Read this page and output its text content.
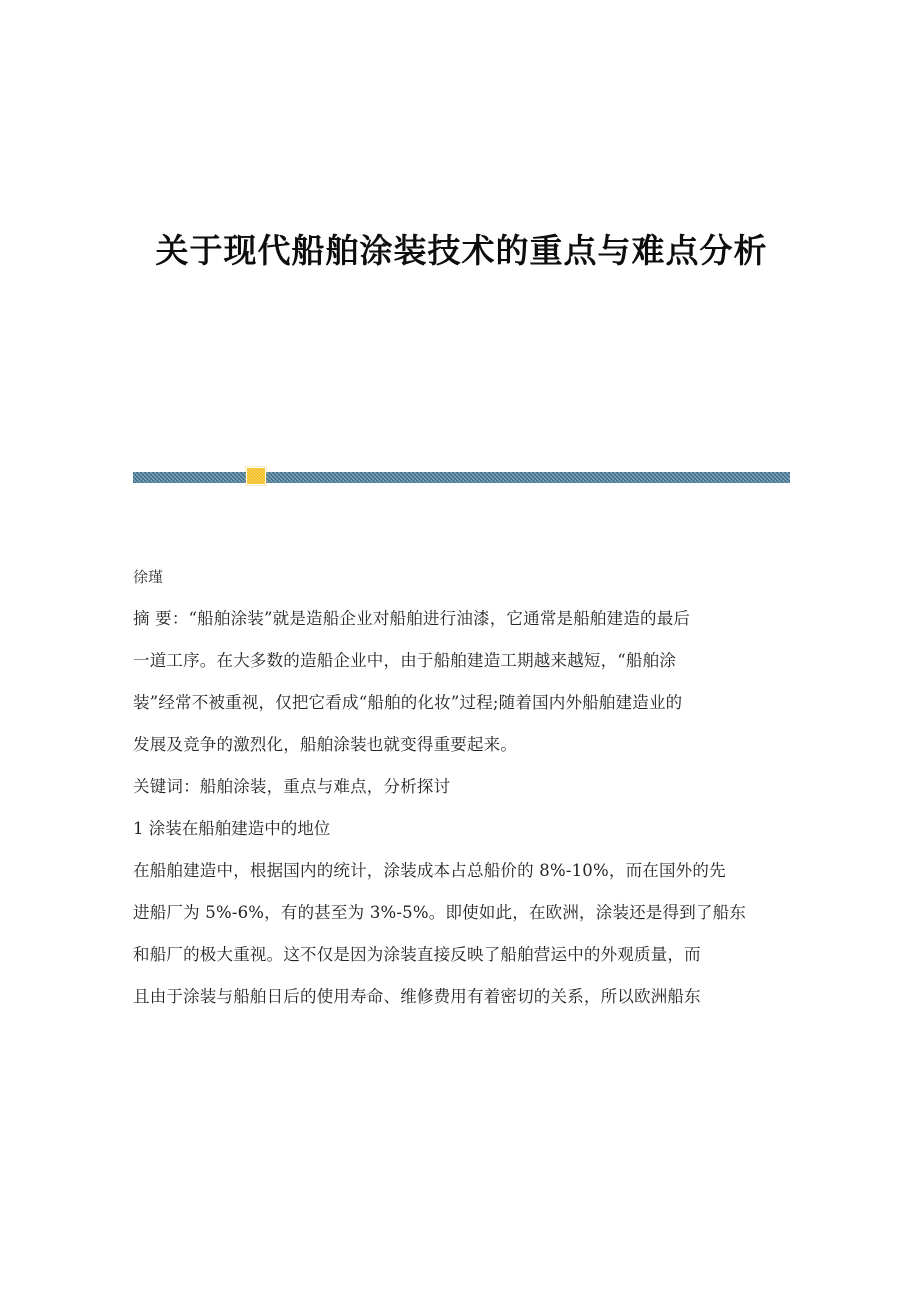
关于现代船舶涂装技术的重点与难点分析
徐瑾
摘 要：“船舶涂装”就是造船企业对船舶进行油漆，它通常是船舶建造的最后
一道工序。在大多数的造船企业中，由于船舶建造工期越来越短，“船舶涂
装”经常不被重视，仅把它看成“船舶的化妆”过程;随着国内外船舶建造业的
发展及竞争的激烈化，船舶涂装也就变得重要起来。
关键词：船舶涂装，重点与难点，分析探讨
1 涂装在船舶建造中的地位
在船舶建造中，根据国内的统计，涂装成本占总船价的 8%-10%，而在国外的先
进船厂为 5%-6%，有的甚至为 3%-5%。即使如此，在欧洲，涂装还是得到了船东
和船厂的极大重视。这不仅是因为涂装直接反映了船舶营运中的外观质量，而
且由于涂装与船舶日后的使用寿命、维修费用有着密切的关系，所以欧洲船东
